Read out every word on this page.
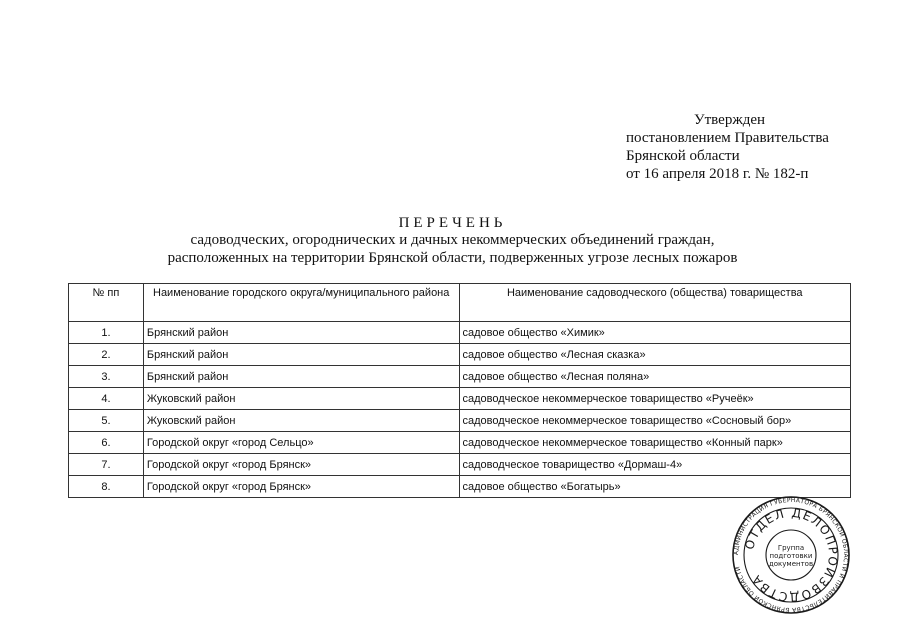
Утвержден
постановлением Правительства
Брянской области
от 16 апреля 2018 г. № 182-п
ПЕРЕЧЕНЬ
садоводческих, огороднических и дачных некоммерческих объединений граждан,
расположенных на территории Брянской области, подверженных угрозе лесных пожаров
№ пп	Наименование городского округа/муниципального района	Наименование садоводческого (общества) товарищества
1.	Брянский район	садовое общество «Химик»
2.	Брянский район	садовое общество «Лесная сказка»
3.	Брянский район	садовое общество «Лесная поляна»
4.	Жуковский район	садоводческое некоммерческое товарищество «Ручеёк»
5.	Жуковский район	садоводческое некоммерческое товарищество «Сосновый бор»
6.	Городской округ «город Сельцо»	садоводческое некоммерческое товарищество «Конный парк»
7.	Городской округ «город Брянск»	садоводческое товарищество «Дормаш-4»
8.	Городской округ «город Брянск»	садовое общество «Богатырь»
АДМИНИСТРАЦИЯ ГУБЕРНАТОРА БРЯНСКОЙ ОБЛАСТИ И ПРАВИТЕЛЬСТВА БРЯНСКОЙ ОБЛАСТИ
ОТДЕЛ ДЕЛОПРОИЗВОДСТВА
Группа
подготовки
документов
